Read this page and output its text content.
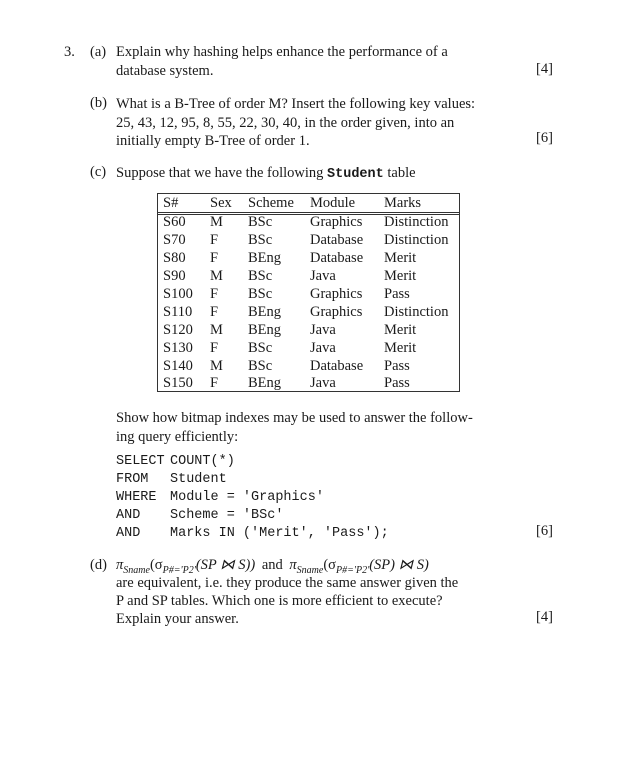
3. (a) Explain why hashing helps enhance the performance of a
database system.	[4]
(b) What is a B-Tree of order M? Insert the following key values:
25, 43, 12, 95, 8, 55, 22, 30, 40, in the order given, into an
initially empty B-Tree of order 1.	[6]
(c) Suppose that we have the following Student table
S# Sex Scheme Module Marks
S60 M BSc	Graphics Distinction
S70 F BSc	Database Distinction
S80 F BEng Database Merit
S90 M BSc	Java	Merit
S100 F BSc	Graphics Pass
S110 F BEng Graphics Distinction
S120 M BEng Java	Merit
S130 F BSc	Java	Merit
S140 M BSc	Database Pass
S150 F BEng Java	Pass
Show how bitmap indexes may be used to answer the follow-
ing query efficiently:
SELECT COUNT(*)
FROM Student
WHERE Module = 'Graphics'
AND Scheme = 'BSc'
AND Marks IN ('Merit', 'Pass');	[6]
(d) $\pi_{Sname}(\sigma_{P\#='P2'}(SP$ ⋈ S)) and $\pi_{Sname}(\sigma_{P\#='P2'}(SP)$ ⋈ S)
are equivalent, i.e. they produce the same answer given the
P and SP tables. Which one is more efficient to execute?
Explain your answer.	[4]
